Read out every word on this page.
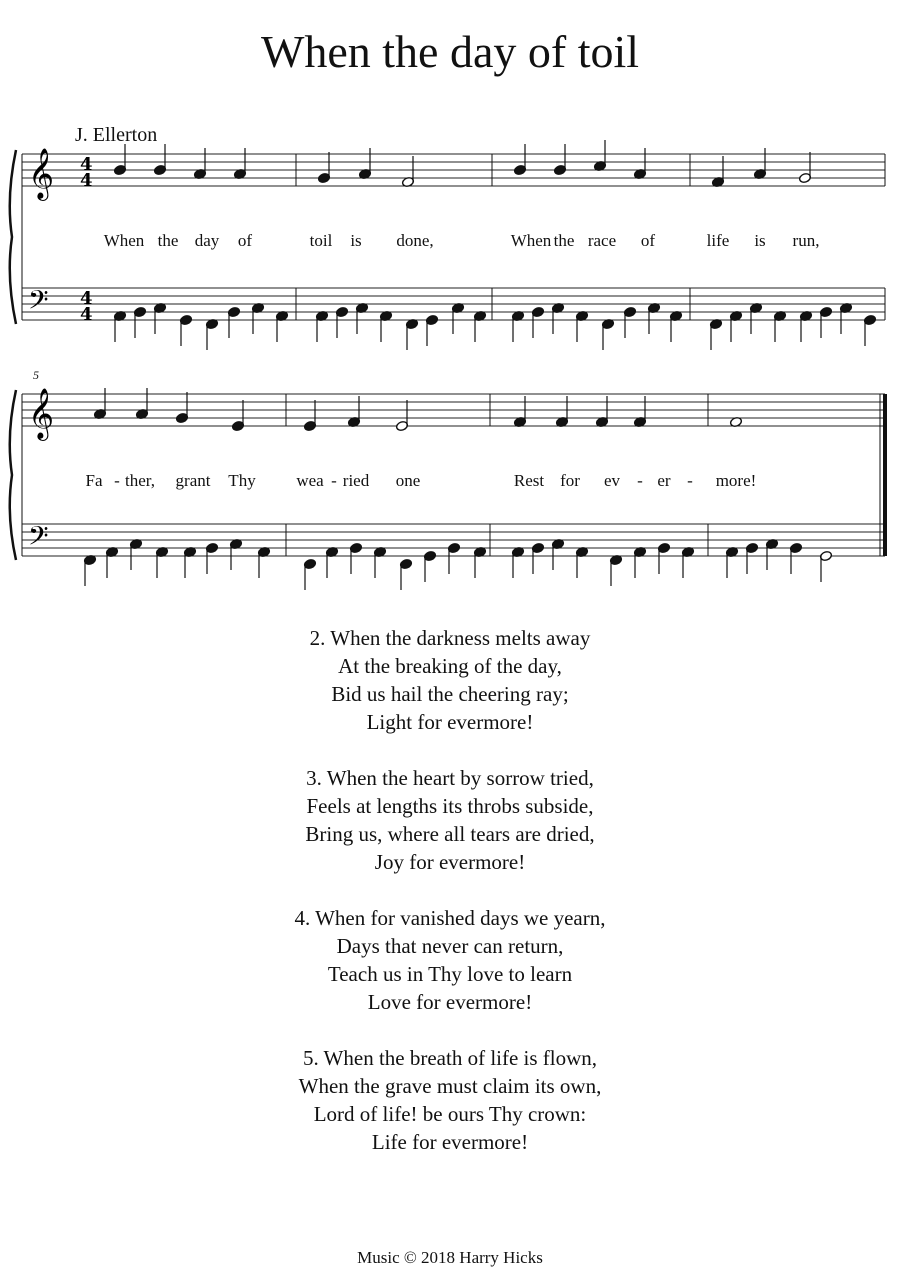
When the day of toil
J. Ellerton
5
𝄞
𝄢
4
4
4
4
𝄞
𝄢
When the day of	toil is done,	When the race of	life is run,
Fa - ther, grant Thy wea - ried one	Rest for ev - er - more!
2. When the darkness melts away
At the breaking of the day,
Bid us hail the cheering ray;
Light for evermore!
3. When the heart by sorrow tried,
Feels at lengths its throbs subside,
Bring us, where all tears are dried,
Joy for evermore!
4. When for vanished days we yearn,
Days that never can return,
Teach us in Thy love to learn
Love for evermore!
5. When the breath of life is flown,
When the grave must claim its own,
Lord of life! be ours Thy crown:
Life for evermore!
Music © 2018 Harry Hicks
